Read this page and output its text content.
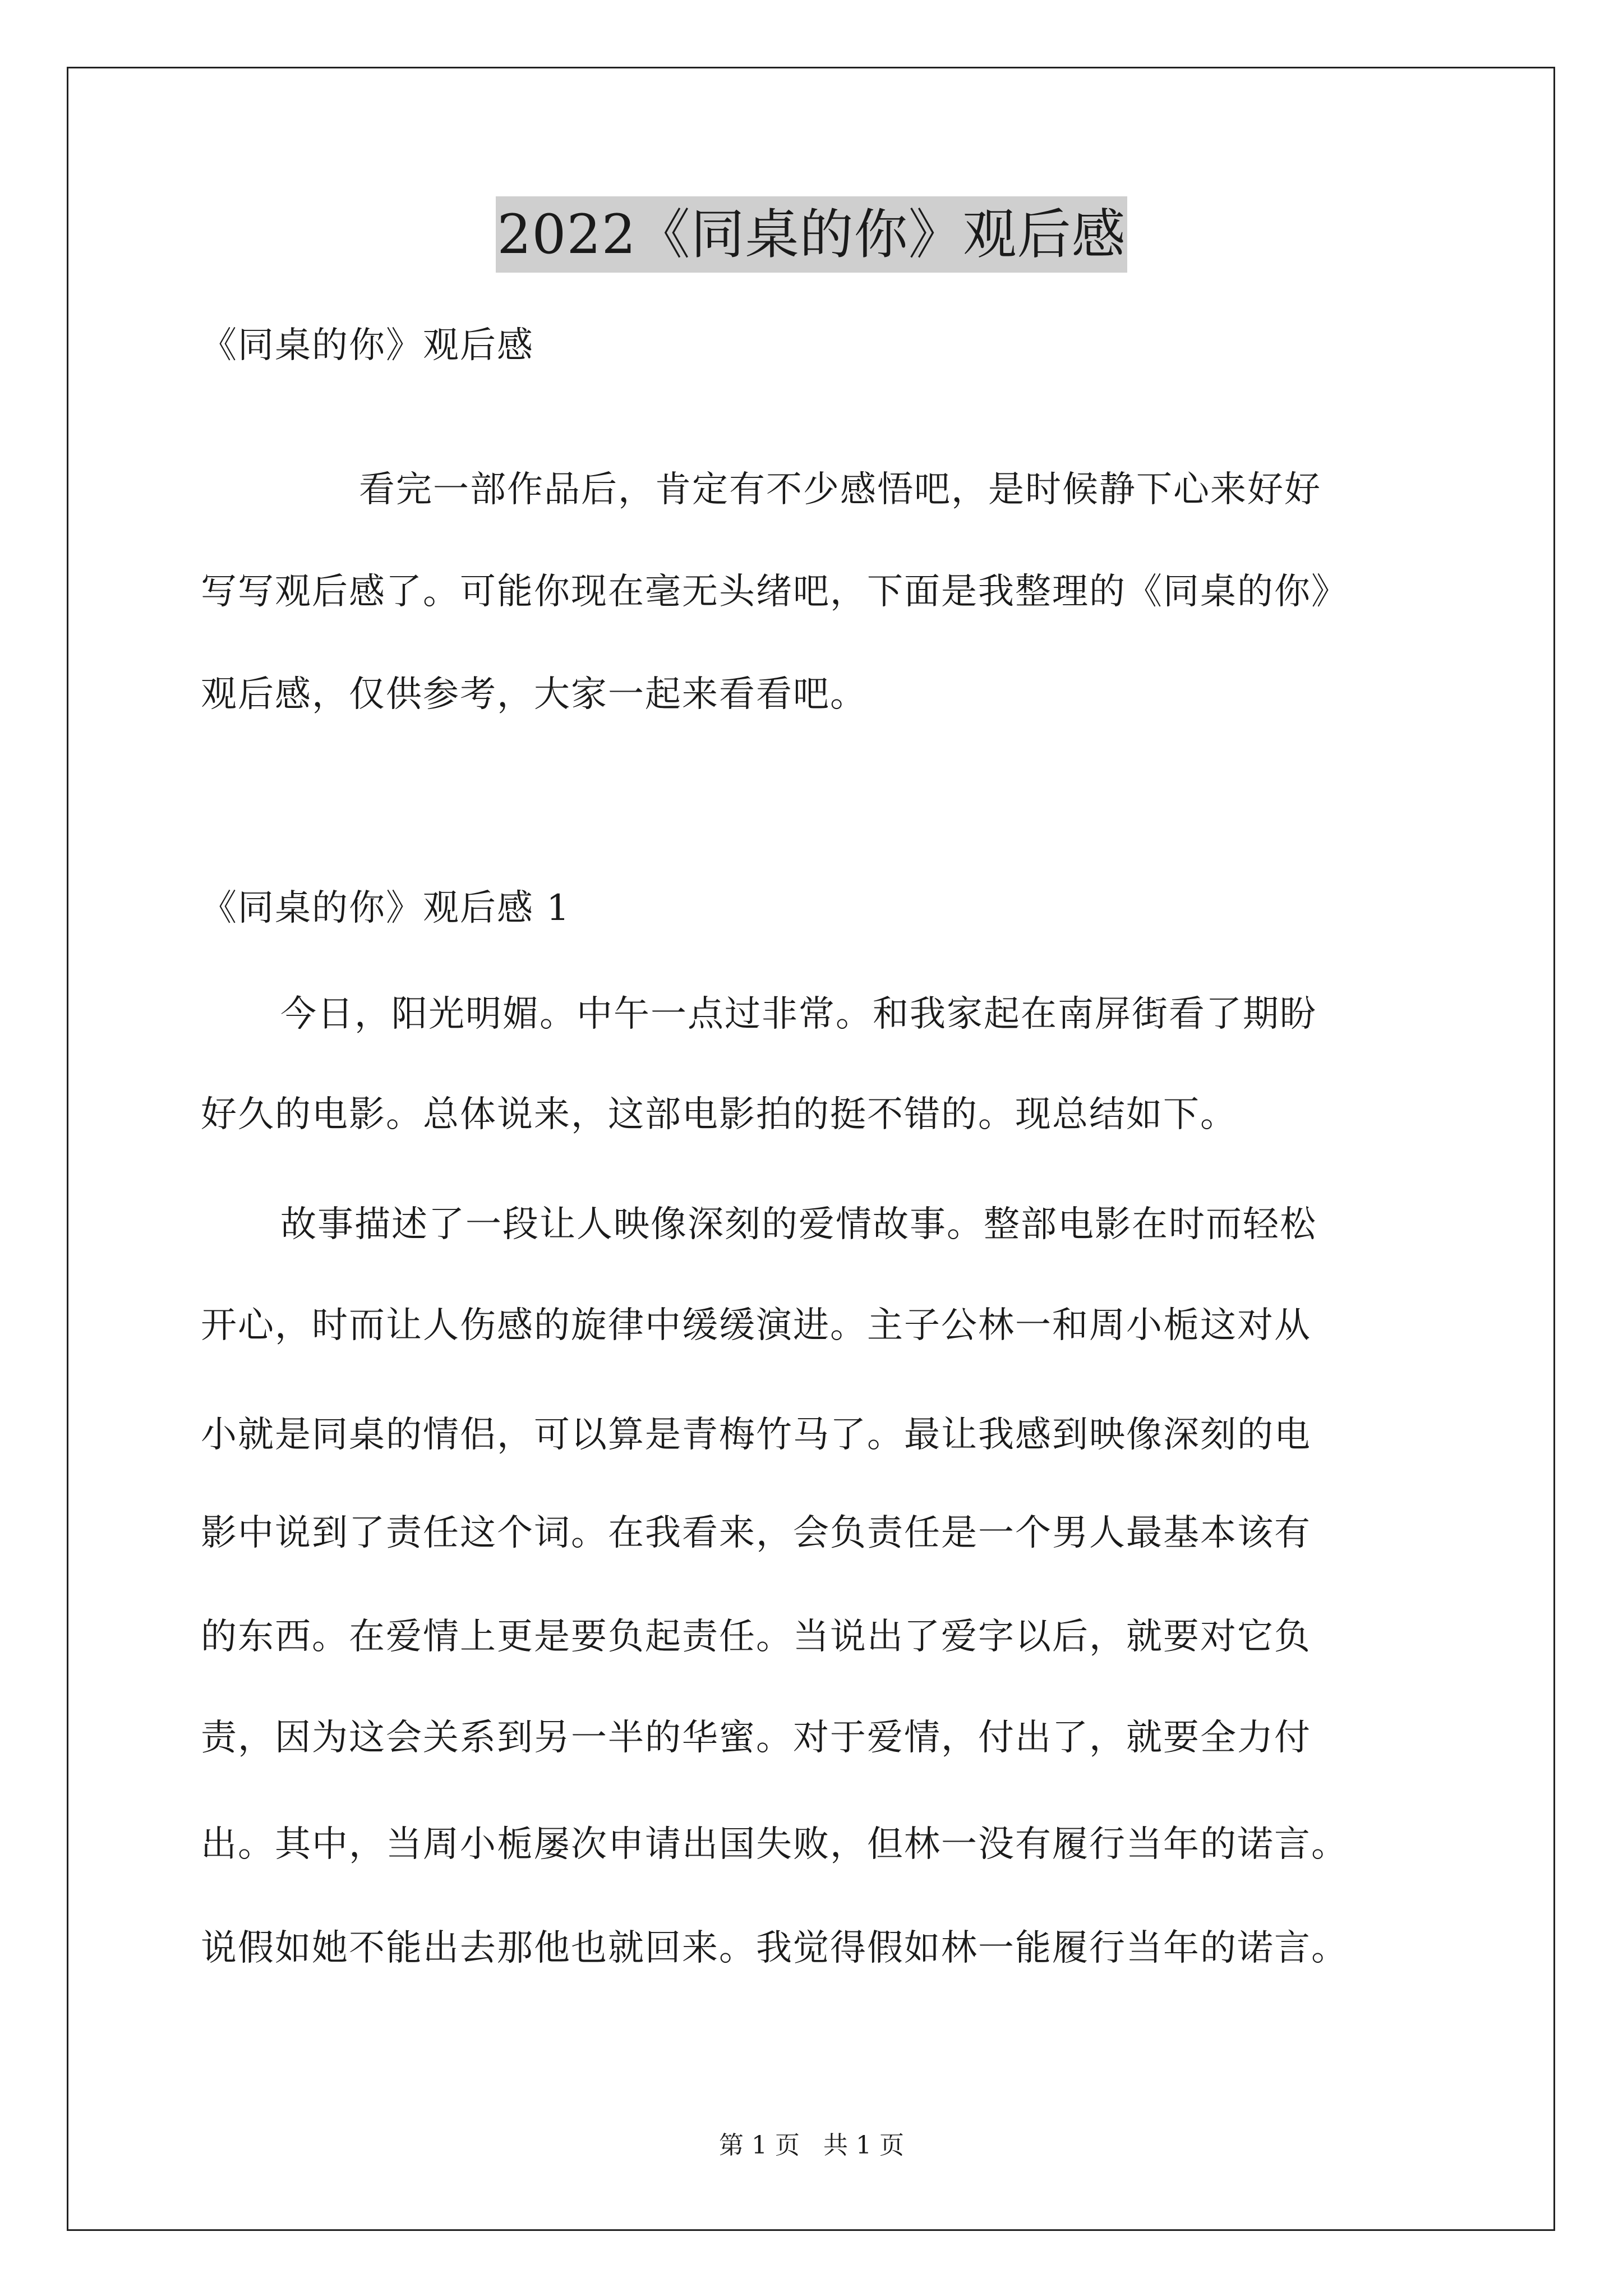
2022《同桌的你》观后感
《同桌的你》观后感
看完一部作品后，肯定有不少感悟吧，是时候静下心来好好
写写观后感了。可能你现在毫无头绪吧，下面是我整理的《同桌的你》
观后感，仅供参考，大家一起来看看吧。
《同桌的你》观后感 1
今日，阳光明媚。中午一点过非常。和我家起在南屏街看了期盼
好久的电影。总体说来，这部电影拍的挺不错的。现总结如下。
故事描述了一段让人映像深刻的爱情故事。整部电影在时而轻松
开心，时而让人伤感的旋律中缓缓演进。主子公林一和周小栀这对从
小就是同桌的情侣，可以算是青梅竹马了。最让我感到映像深刻的电
影中说到了责任这个词。在我看来，会负责任是一个男人最基本该有
的东西。在爱情上更是要负起责任。当说出了爱字以后，就要对它负
责，因为这会关系到另一半的华蜜。对于爱情，付出了，就要全力付
出。其中，当周小栀屡次申请出国失败，但林一没有履行当年的诺言。
说假如她不能出去那他也就回来。我觉得假如林一能履行当年的诺言。
第 1 页   共 1 页
